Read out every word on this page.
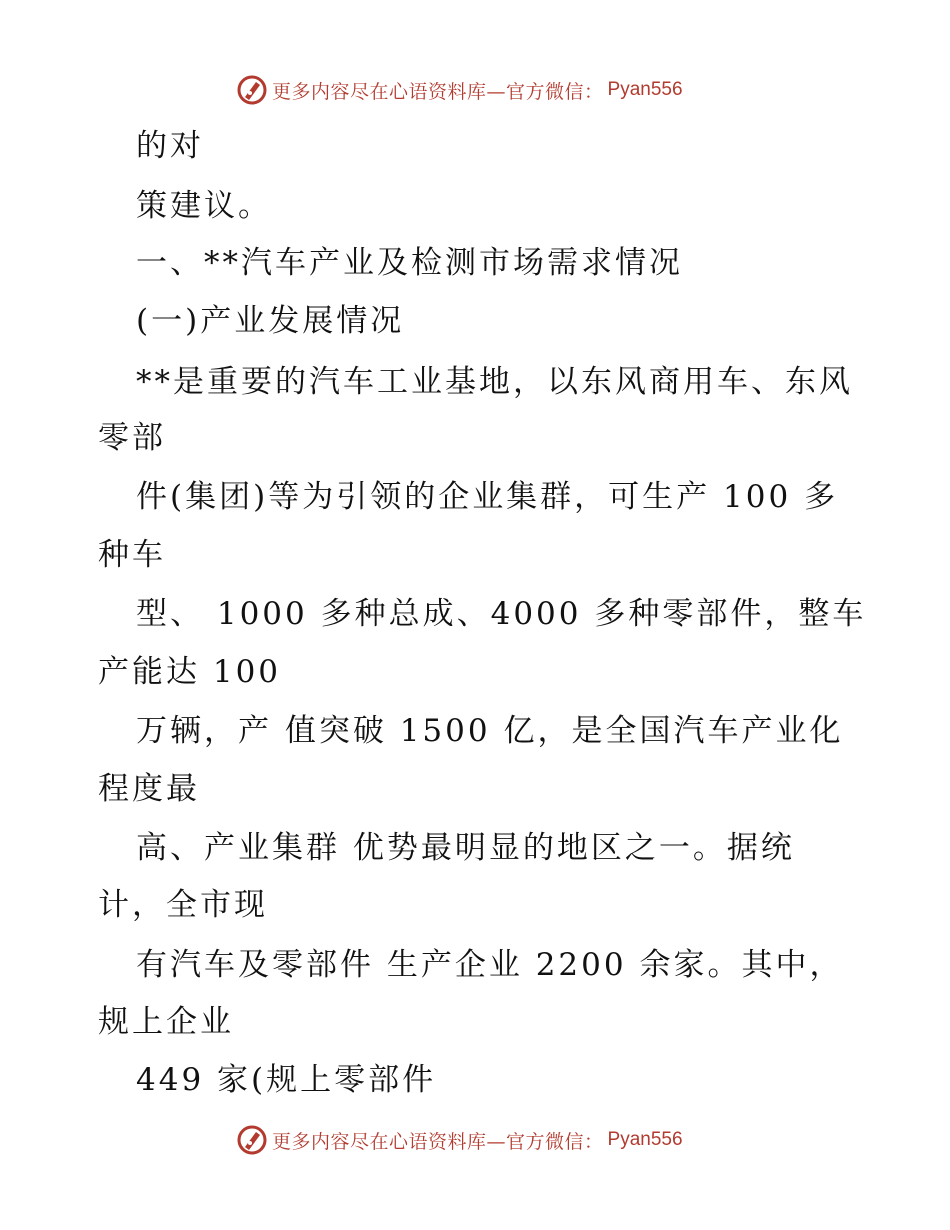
更多内容尽在心语资料库—官方微信： Pyan556
的对
策建议。
一、**汽车产业及检测市场需求情况
(一)产业发展情况
**是重要的汽车工业基地，以东风商用车、东风
零部
件(集团)等为引领的企业集群，可生产 100 多
种车
型、 1000 多种总成、4000 多种零部件，整车
产能达 100
万辆，产 值突破 1500 亿，是全国汽车产业化
程度最
高、产业集群 优势最明显的地区之一。据统
计，全市现
有汽车及零部件 生产企业 2200 余家。其中，
规上企业
449 家(规上零部件
更多内容尽在心语资料库—官方微信： Pyan556
